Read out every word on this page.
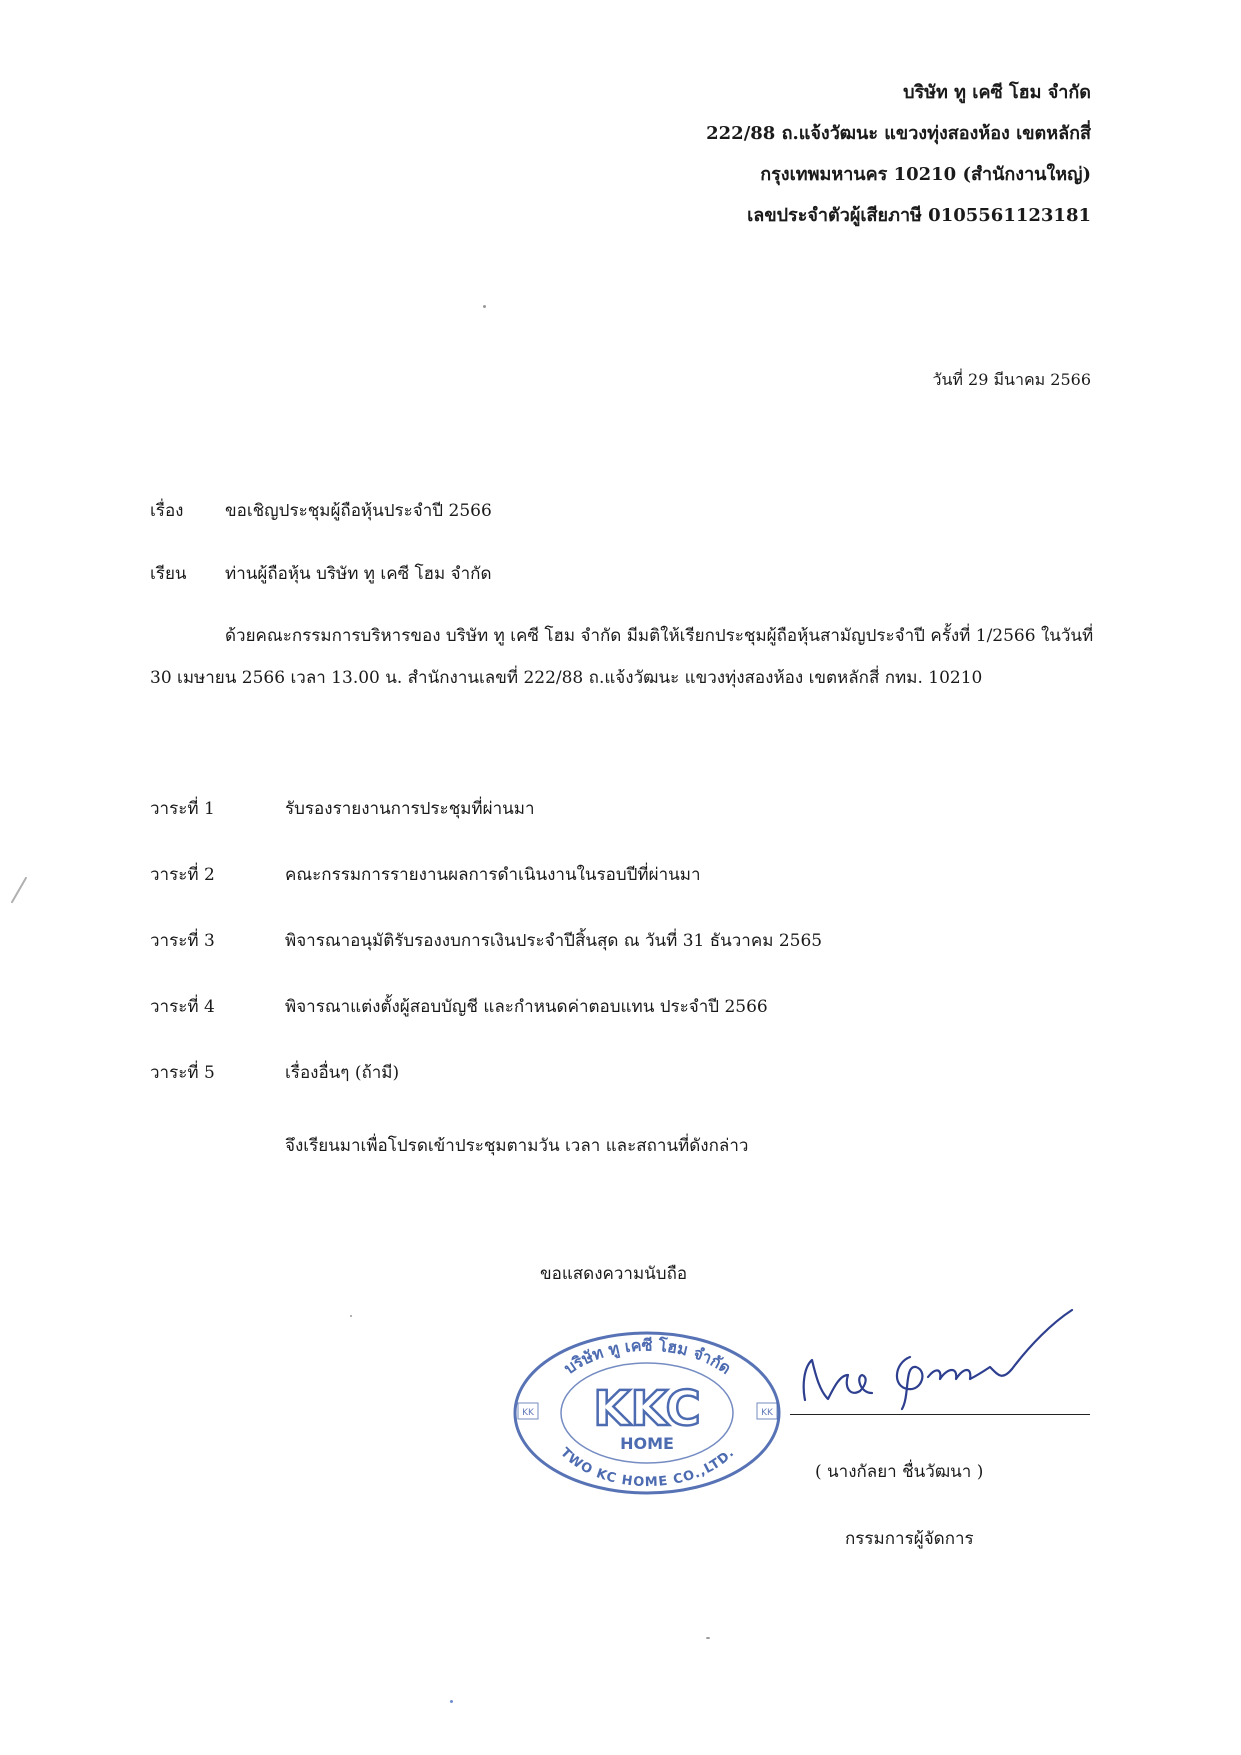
บริษัท ทู เคซี โฮม จำกัด
222/88 ถ.แจ้งวัฒนะ แขวงทุ่งสองห้อง เขตหลักสี่
กรุงเทพมหานคร 10210 (สำนักงานใหญ่)
เลขประจำตัวผู้เสียภาษี 0105561123181
วันที่ 29 มีนาคม 2566
เรื่อง ขอเชิญประชุมผู้ถือหุ้นประจำปี 2566
เรียน ท่านผู้ถือหุ้น บริษัท ทู เคซี โฮม จำกัด
ด้วยคณะกรรมการบริหารของ บริษัท ทู เคซี โฮม จำกัด มีมติให้เรียกประชุมผู้ถือหุ้นสามัญประจำปี ครั้งที่ 1/2566 ในวันที่ 30 เมษายน 2566 เวลา 13.00 น. สำนักงานเลขที่ 222/88 ถ.แจ้งวัฒนะ แขวงทุ่งสองห้อง เขตหลักสี่ กทม. 10210
วาระที่ 1	รับรองรายงานการประชุมที่ผ่านมา
วาระที่ 2	คณะกรรมการรายงานผลการดำเนินงานในรอบปีที่ผ่านมา
วาระที่ 3	พิจารณาอนุมัติรับรองงบการเงินประจำปีสิ้นสุด ณ วันที่ 31 ธันวาคม 2565
วาระที่ 4	พิจารณาแต่งตั้งผู้สอบบัญชี และกำหนดค่าตอบแทน ประจำปี 2566
วาระที่ 5	เรื่องอื่นๆ (ถ้ามี)
จึงเรียนมาเพื่อโปรดเข้าประชุมตามวัน เวลา และสถานที่ดังกล่าว
ขอแสดงความนับถือ
บริษัท ทู เคซี โฮม จำกัด
TWO KC HOME CO.,LTD.
KKC
HOME
KK	KK
( นางกัลยา ชื่นวัฒนา )
กรรมการผู้จัดการ
